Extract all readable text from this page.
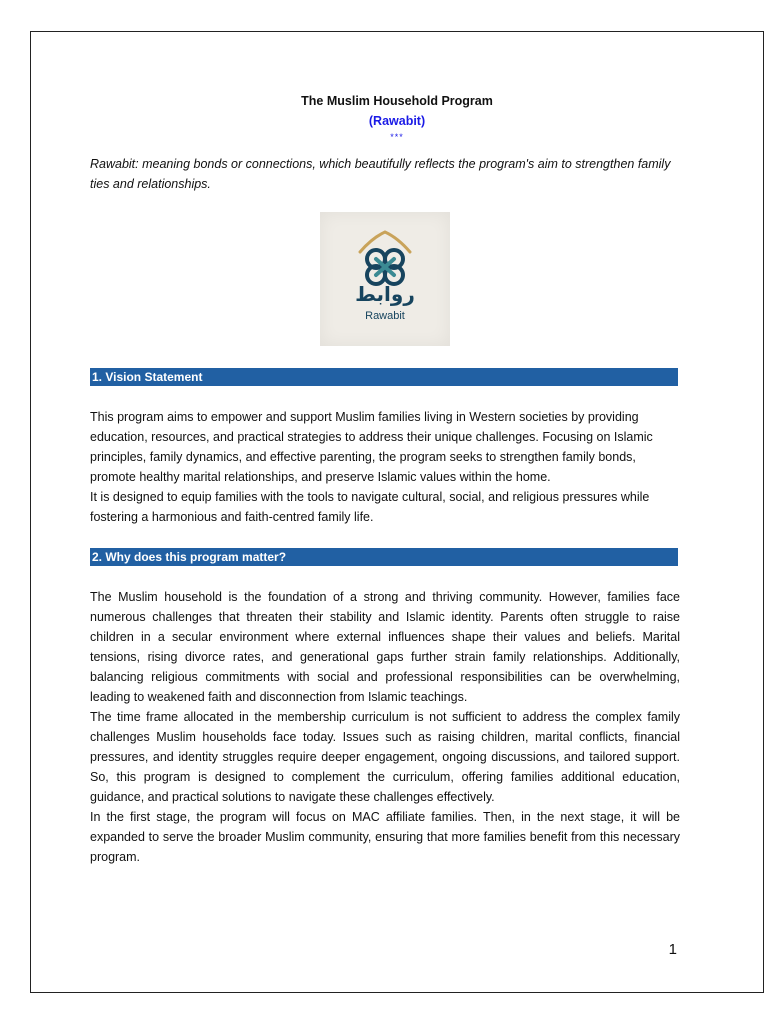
The Muslim Household Program
(Rawabit)
***
Rawabit: meaning bonds or connections, which beautifully reflects the program's aim to strengthen family ties and relationships.
روابط
Rawabit
1. Vision Statement

This program aims to empower and support Muslim families living in Western societies by providing education, resources, and practical strategies to address their unique challenges. Focusing on Islamic principles, family dynamics, and effective parenting, the program seeks to strengthen family bonds, promote healthy marital relationships, and preserve Islamic values within the home.

It is designed to equip families with the tools to navigate cultural, social, and religious pressures while fostering a harmonious and faith-centred family life.

2. Why does this program matter?

The Muslim household is the foundation of a strong and thriving community. However, families face numerous challenges that threaten their stability and Islamic identity. Parents often struggle to raise children in a secular environment where external influences shape their values and beliefs. Marital tensions, rising divorce rates, and generational gaps further strain family relationships. Additionally, balancing religious commitments with social and professional responsibilities can be overwhelming, leading to weakened faith and disconnection from Islamic teachings.

The time frame allocated in the membership curriculum is not sufficient to address the complex family challenges Muslim households face today. Issues such as raising children, marital conflicts, financial pressures, and identity struggles require deeper engagement, ongoing discussions, and tailored support. So, this program is designed to complement the curriculum, offering families additional education, guidance, and practical solutions to navigate these challenges effectively.

In the first stage, the program will focus on MAC affiliate families. Then, in the next stage, it will be expanded to serve the broader Muslim community, ensuring that more families benefit from this necessary program.

1
